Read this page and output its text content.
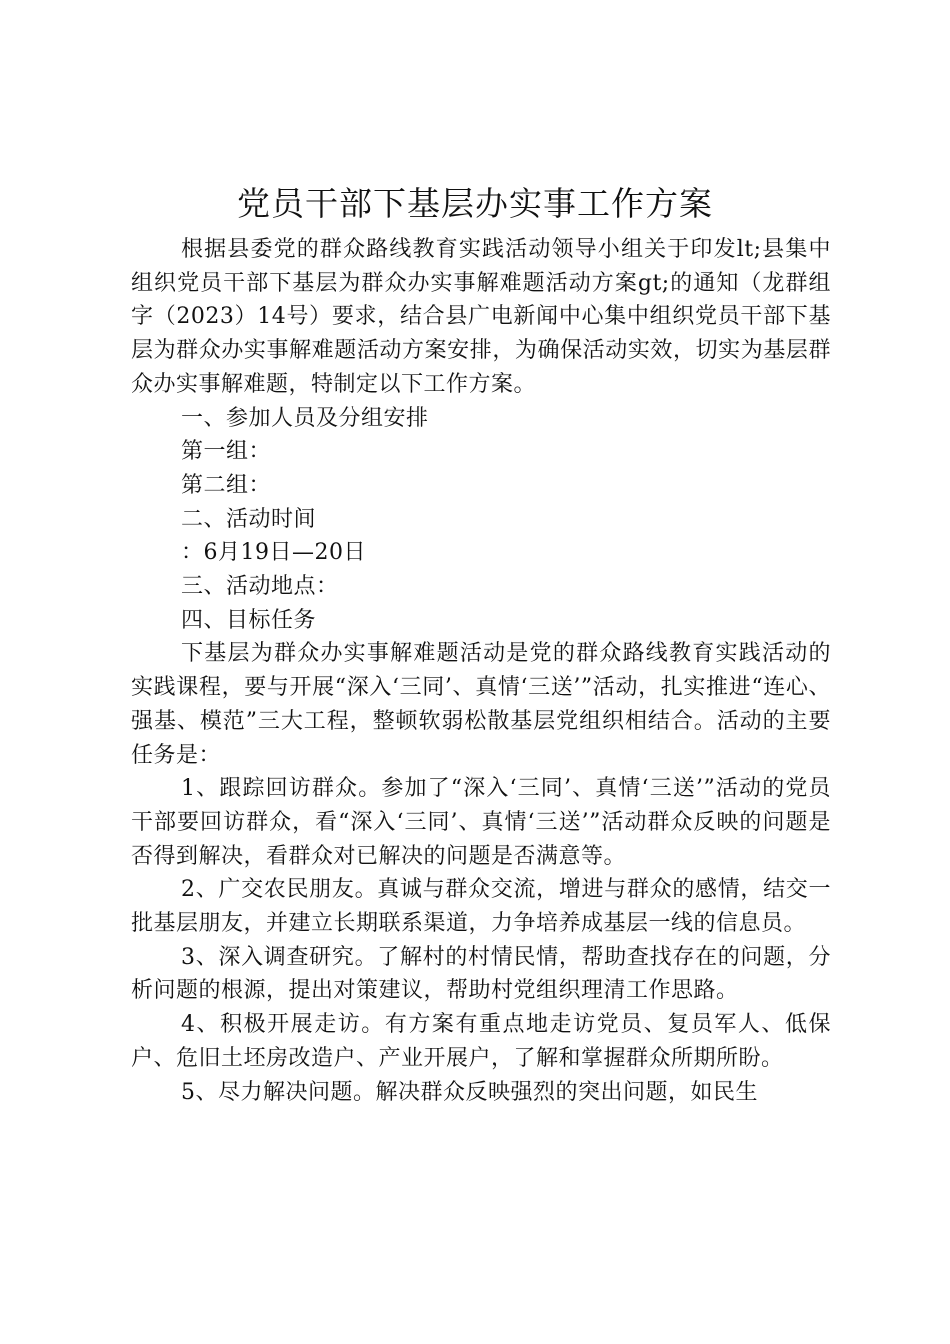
党员干部下基层办实事工作方案

根据县委党的群众路线教育实践活动领导小组关于印发lt;县集中组织党员干部下基层为群众办实事解难题活动方案gt;的通知（龙群组字（2023）14号）要求，结合县广电新闻中心集中组织党员干部下基层为群众办实事解难题活动方案安排，为确保活动实效，切实为基层群众办实事解难题，特制定以下工作方案。

一、参加人员及分组安排

第一组：

第二组：

二、活动时间

：6月19日—20日

三、活动地点：

四、目标任务

下基层为群众办实事解难题活动是党的群众路线教育实践活动的实践课程，要与开展“深入‘三同’、真情‘三送’”活动，扎实推进“连心、强基、模范”三大工程，整顿软弱松散基层党组织相结合。活动的主要任务是：

1、跟踪回访群众。参加了“深入‘三同’、真情‘三送’”活动的党员干部要回访群众，看“深入‘三同’、真情‘三送’”活动群众反映的问题是否得到解决，看群众对已解决的问题是否满意等。

2、广交农民朋友。真诚与群众交流，增进与群众的感情，结交一批基层朋友，并建立长期联系渠道，力争培养成基层一线的信息员。

3、深入调查研究。了解村的村情民情，帮助查找存在的问题，分析问题的根源，提出对策建议，帮助村党组织理清工作思路。

4、积极开展走访。有方案有重点地走访党员、复员军人、低保户、危旧土坯房改造户、产业开展户，了解和掌握群众所期所盼。

5、尽力解决问题。解决群众反映强烈的突出问题，如民生
